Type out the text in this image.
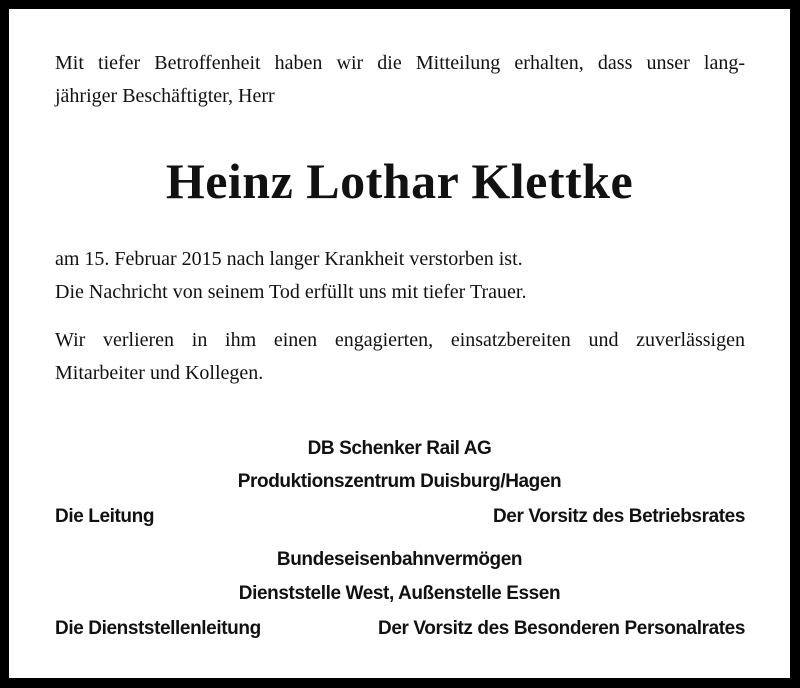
Mit tiefer Betroffenheit haben wir die Mitteilung erhalten, dass unser lang-
jähriger Beschäftigter, Herr
Heinz Lothar Klettke
am 15. Februar 2015 nach langer Krankheit verstorben ist.
Die Nachricht von seinem Tod erfüllt uns mit tiefer Trauer.
Wir verlieren in ihm einen engagierten, einsatzbereiten und zuverlässigen
Mitarbeiter und Kollegen.
DB Schenker Rail AG
Produktionszentrum Duisburg/Hagen
Die Leitung	Der Vorsitz des Betriebsrates
Bundeseisenbahnvermögen
Dienststelle West, Außenstelle Essen
Die Dienststellenleitung	Der Vorsitz des Besonderen Personalrates
